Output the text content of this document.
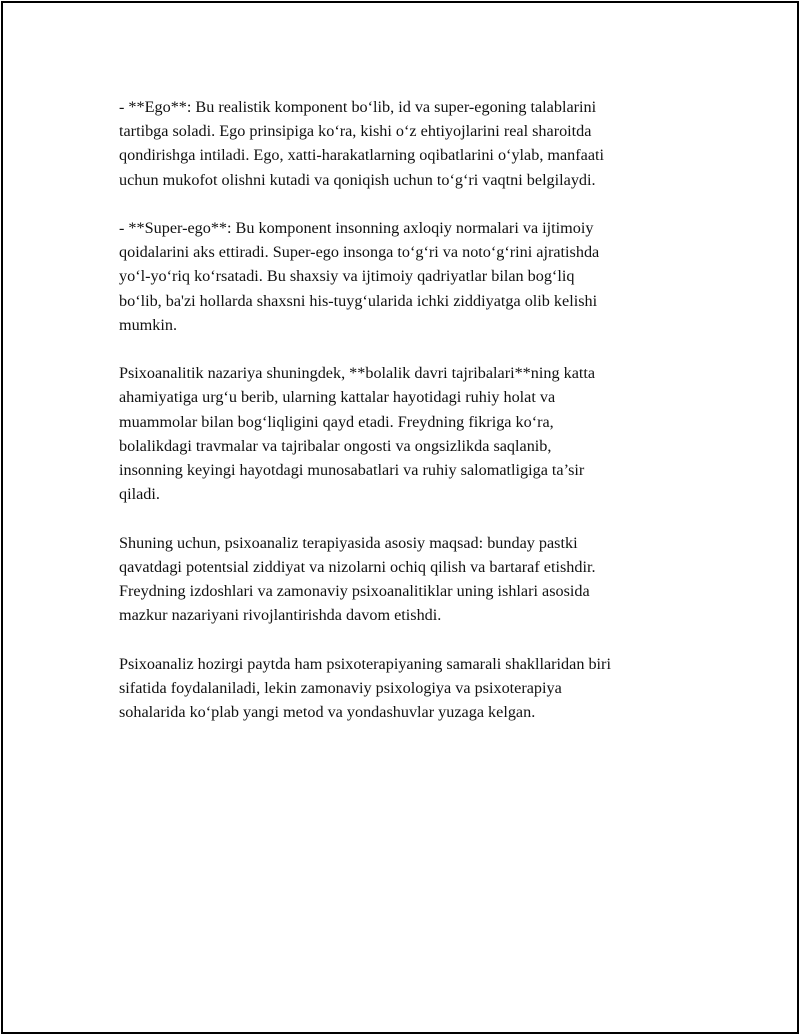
- **Ego**: Bu realistik komponent bo‘lib, id va super-egoning talablarini
tartibga soladi. Ego prinsipiga ko‘ra, kishi o‘z ehtiyojlarini real sharoitda
qondirishga intiladi. Ego, xatti-harakatlarning oqibatlarini o‘ylab, manfaati
uchun mukofot olishni kutadi va qoniqish uchun to‘g‘ri vaqtni belgilaydi.

- **Super-ego**: Bu komponent insonning axloqiy normalari va ijtimoiy
qoidalarini aks ettiradi. Super-ego insonga to‘g‘ri va noto‘g‘rini ajratishda
yo‘l-yo‘riq ko‘rsatadi. Bu shaxsiy va ijtimoiy qadriyatlar bilan bog‘liq
bo‘lib, ba'zi hollarda shaxsni his-tuyg‘ularida ichki ziddiyatga olib kelishi
mumkin.

Psixoanalitik nazariya shuningdek, **bolalik davri tajribalari**ning katta
ahamiyatiga urg‘u berib, ularning kattalar hayotidagi ruhiy holat va
muammolar bilan bog‘liqligini qayd etadi. Freydning fikriga ko‘ra,
bolalikdagi travmalar va tajribalar ongosti va ongsizlikda saqlanib,
insonning keyingi hayotdagi munosabatlari va ruhiy salomatligiga ta’sir
qiladi.

Shuning uchun, psixoanaliz terapiyasida asosiy maqsad: bunday pastki
qavatdagi potentsial ziddiyat va nizolarni ochiq qilish va bartaraf etishdir.
Freydning izdoshlari va zamonaviy psixoanalitiklar uning ishlari asosida
mazkur nazariyani rivojlantirishda davom etishdi.

Psixoanaliz hozirgi paytda ham psixoterapiyaning samarali shakllaridan biri
sifatida foydalaniladi, lekin zamonaviy psixologiya va psixoterapiya
sohalarida ko‘plab yangi metod va yondashuvlar yuzaga kelgan.
